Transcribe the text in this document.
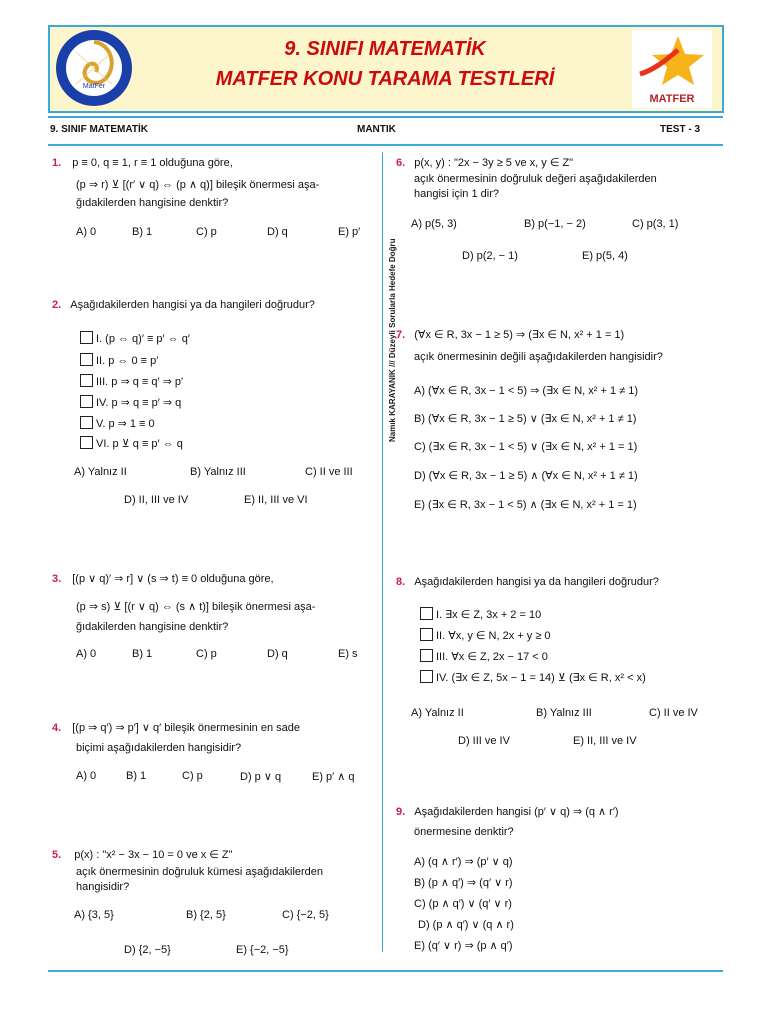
MatFer
9. SINIFI MATEMATİK
MATFER KONU TARAMA TESTLERİ
MATFER
9. SINIF MATEMATİK	MANTIK	TEST - 3
Namık KARAYANIK /// Düzeyli Sorularla Hedefe Doğru
1. p ≡ 0, q ≡ 1, r ≡ 1 olduğuna göre,
(p ⇒ r) ⊻ [(r′ ∨ q) ⇔ (p ∧ q)] bileşik önermesi aşa-
ğıdakilerden hangisine denktir?
A) 0	B) 1	C) p	D) q	E) p′
2. Aşağıdakilerden hangisi ya da hangileri doğrudur?
I. (p ⇔ q)′ ≡ p′ ⇔ q′
II. p ⇔ 0 ≡ p′
III. p ⇒ q ≡ q′ ⇒ p′
IV. p ⇒ q ≡ p′ ⇒ q
V. p ⇒ 1 ≡ 0
VI. p ⊻ q ≡ p′ ⇔ q
A) Yalnız II	B) Yalnız III	C) II ve III
D) II, III ve IV	E) II, III ve VI
3. [(p ∨ q)′ ⇒ r] ∨ (s ⇒ t) ≡ 0 olduğuna göre,
(p ⇒ s) ⊻ [(r ∨ q) ⇔ (s ∧ t)] bileşik önermesi aşa-
ğıdakilerden hangisine denktir?
A) 0	B) 1	C) p	D) q	E) s
4. [(p ⇒ q′) ⇒ p′] ∨ q′ bileşik önermesinin en sade
biçimi aşağıdakilerden hangisidir?
A) 0	B) 1	C) p	D) p ∨ q	E) p′ ∧ q
5. p(x) : "x² − 3x − 10 = 0 ve x ∈ Z"
açık önermesinin doğruluk kümesi aşağıdakilerden
hangisidir?
A) {3, 5}	B) {2, 5}	C) {−2, 5}
D) {2, −5}	E) {−2, −5}
6. p(x, y) : "2x − 3y ≥ 5 ve x, y ∈ Z"
açık önermesinin doğruluk değeri aşağıdakilerden
hangisi için 1 dir?
A) p(5, 3)	B) p(−1, − 2)	C) p(3, 1)
D) p(2, − 1)	E) p(5, 4)
7. (∀x ∈ R, 3x − 1 ≥ 5) ⇒ (∃x ∈ N, x² + 1 = 1)
açık önermesinin değili aşağıdakilerden hangisidir?
A) (∀x ∈ R, 3x − 1 < 5) ⇒ (∃x ∈ N, x² + 1 ≠ 1)
B) (∀x ∈ R, 3x − 1 ≥ 5) ∨ (∃x ∈ N, x² + 1 ≠ 1)
C) (∃x ∈ R, 3x − 1 < 5) ∨ (∃x ∈ N, x² + 1 = 1)
D) (∀x ∈ R, 3x − 1 ≥ 5) ∧ (∀x ∈ N, x² + 1 ≠ 1)
E) (∃x ∈ R, 3x − 1 < 5) ∧ (∃x ∈ N, x² + 1 = 1)
8. Aşağıdakilerden hangisi ya da hangileri doğrudur?
I. ∃x ∈ Z, 3x + 2 = 10
II. ∀x, y ∈ N, 2x + y ≥ 0
III. ∀x ∈ Z, 2x − 17 < 0
IV. (∃x ∈ Z, 5x − 1 = 14) ⊻ (∃x ∈ R, x² < x)
A) Yalnız II	B) Yalnız III	C) II ve IV
D) III ve IV	E) II, III ve IV
9. Aşağıdakilerden hangisi (p′ ∨ q) ⇒ (q ∧ r′)
önermesine denktir?
A) (q ∧ r′) ⇒ (p′ ∨ q)
B) (p ∧ q′) ⇒ (q′ ∨ r)
C) (p ∧ q′) ∨ (q′ ∨ r)
D) (p ∧ q′) ∨ (q ∧ r)
E) (q′ ∨ r) ⇒ (p ∧ q′)
